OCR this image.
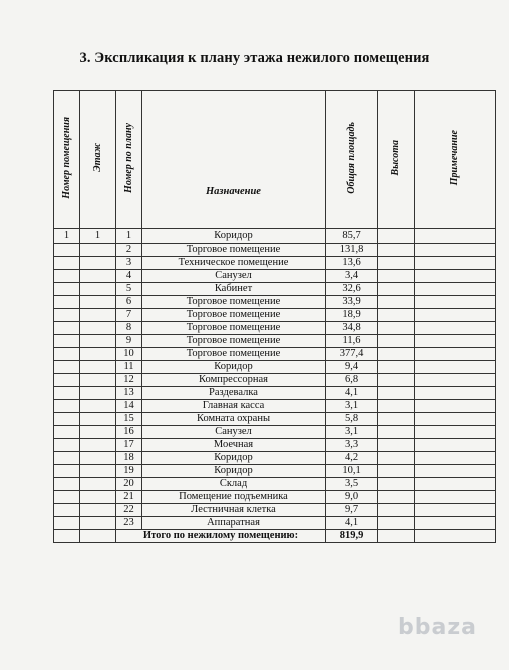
3. Экспликация к плану этажа нежилого помещения
Номер помещения	Этаж	Номер по плану	Назначение	Общая площадь	Высота	Примечание
1	1	1	Коридор	85,7		
		2	Торговое помещение	131,8		
		3	Техническое помещение	13,6		
		4	Санузел	3,4		
		5	Кабинет	32,6		
		6	Торговое помещение	33,9		
		7	Торговое помещение	18,9		
		8	Торговое помещение	34,8		
		9	Торговое помещение	11,6		
		10	Торговое помещение	377,4		
		11	Коридор	9,4		
		12	Компрессорная	6,8		
		13	Раздевалка	4,1		
		14	Главная касса	3,1		
		15	Комната охраны	5,8		
		16	Санузел	3,1		
		17	Моечная	3,3		
		18	Коридор	4,2		
		19	Коридор	10,1		
		20	Склад	3,5		
		21	Помещение подъемника	9,0		
		22	Лестничная клетка	9,7		
		23	Аппаратная	4,1		
		Итого по нежилому помещению:		819,9		
bbaza
